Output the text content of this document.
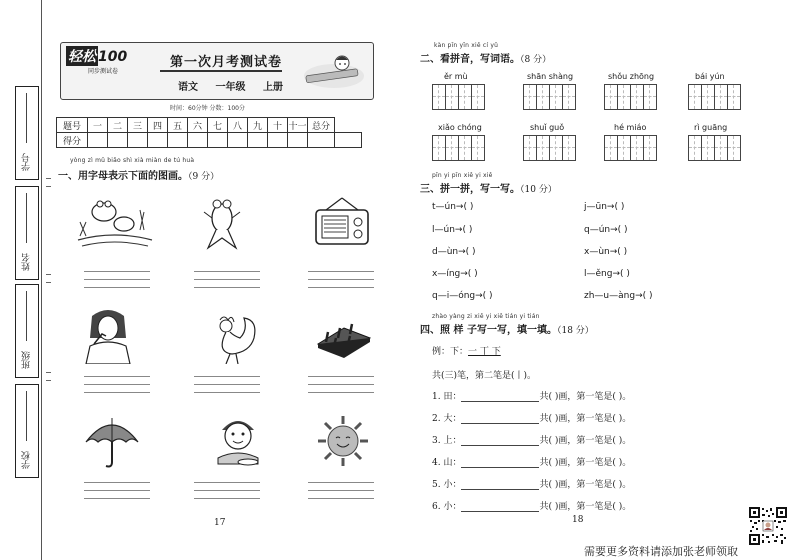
学号
姓名
班级
学校
轻松 100
同步测试卷
第一次月考测试卷
语文 一年级 上册
时间：60分钟 分数：100分
题号	一	二	三	四	五	六	七	八	九	十	十一	总分	
得分													
yòng zì mǔ biǎo shì xià miàn de tú huà
一、用字母表示下面的图画。（9 分）
17
kàn pīn yīn xiě cí yǔ
二、看拼音，写词语。（8 分）
ěr mù	shān shàng	shǒu zhōng	bái yún
xiǎo chóng	shuǐ guǒ	hé miáo	rì guāng
pīn yi pīn xiě yi xiě
三、拼一拼，写一写。（10 分）
t—ún→( )	j—ūn→( )
l—ún→( )	q—ún→( )
d—ùn→( )	x—ùn→( )
x—íng→( )	l—ěng→( )
q—i—óng→( )	zh—u—àng→( )
zhào yàng zi xiě yi xiě tián yi tián
四、照 样 子写一写，填一填。（18 分）
例：下：一 丅 下
共(三)笔，第二笔是(丨)。
1. 田：	共( )画，第一笔是( )。
2. 大：	共( )画，第一笔是( )。
3. 上：	共( )画，第一笔是( )。
4. 山：	共( )画，第一笔是( )。
5. 小：	共( )画，第一笔是( )。
6. 小：	共( )画，第一笔是( )。
18
需要更多资料请添加张老师领取
